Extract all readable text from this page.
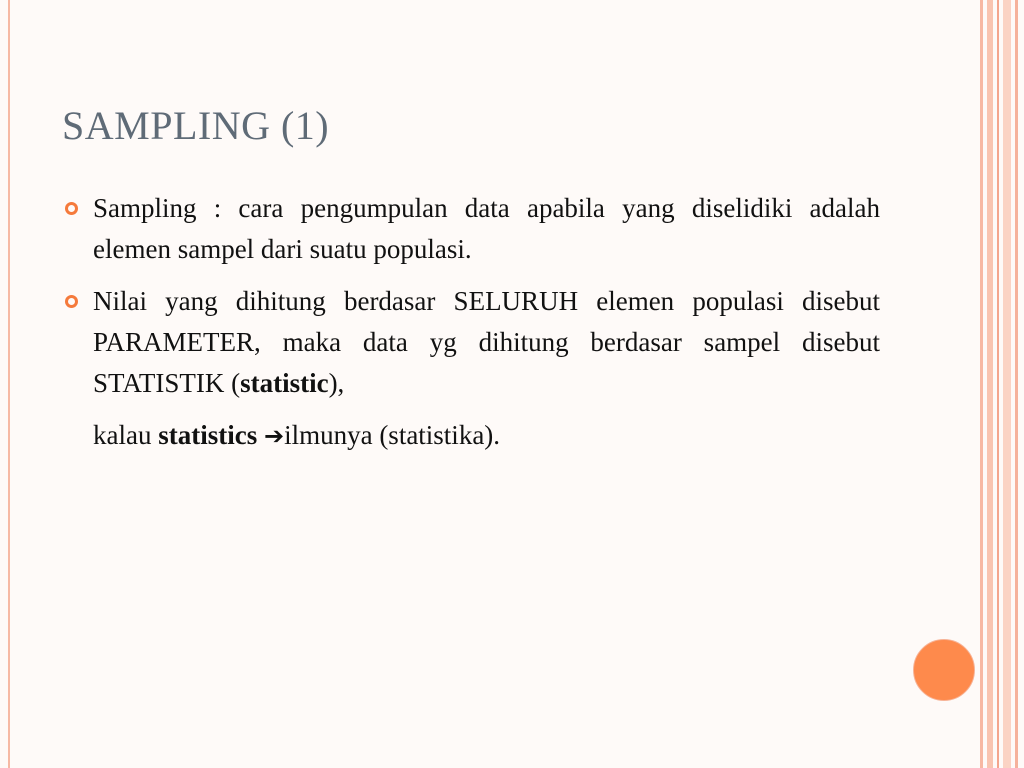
SAMPLING (1)
Sampling : cara pengumpulan data apabila yang diselidiki adalah elemen sampel dari suatu populasi.
Nilai yang dihitung berdasar SELURUH elemen populasi disebut PARAMETER, maka data yg dihitung berdasar sampel disebut STATISTIK (statistic),
kalau statistics ➔ilmunya (statistika).
